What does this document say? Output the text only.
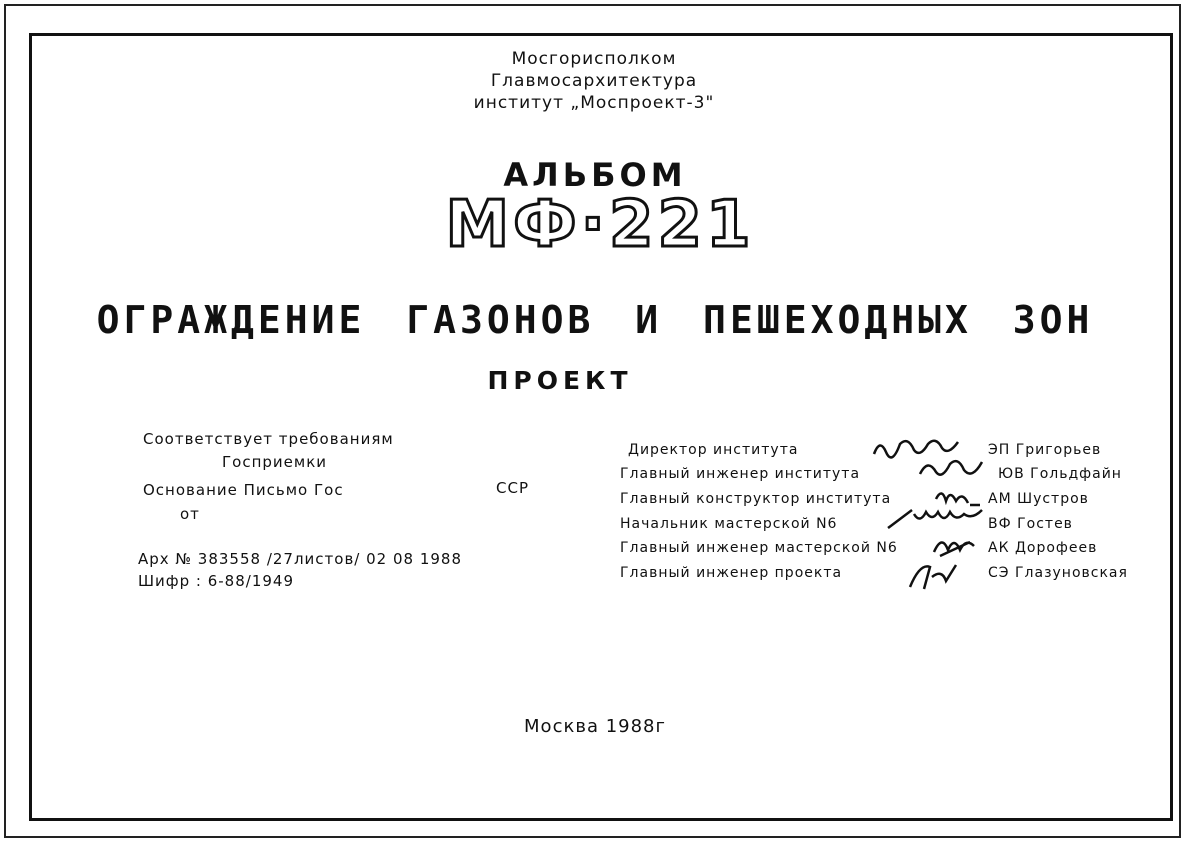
Мосгорисполком
Главмосархитектура
институт „Моспроект-3"
АЛЬБОМ
МФ·221
ОГРАЖДЕНИЕ ГАЗОНОВ И ПЕШЕХОДНЫХ ЗОН
ПРОЕКТ
Соответствует требованиям
Госприемки
Основание Письмо Гос	ССР
от
Арх № 383558 /27листов/ 02 08 1988
Шифр : 6-88/1949
Директор института	ЭП Григорьев
Главный инженер института	ЮВ Гольдфайн
Главный конструктор института	АМ Шустров
Начальник мастерской N6	ВФ Гостев
Главный инженер мастерской N6	АК Дорофеев
Главный инженер проекта	СЭ Глазуновская
Москва 1988г
